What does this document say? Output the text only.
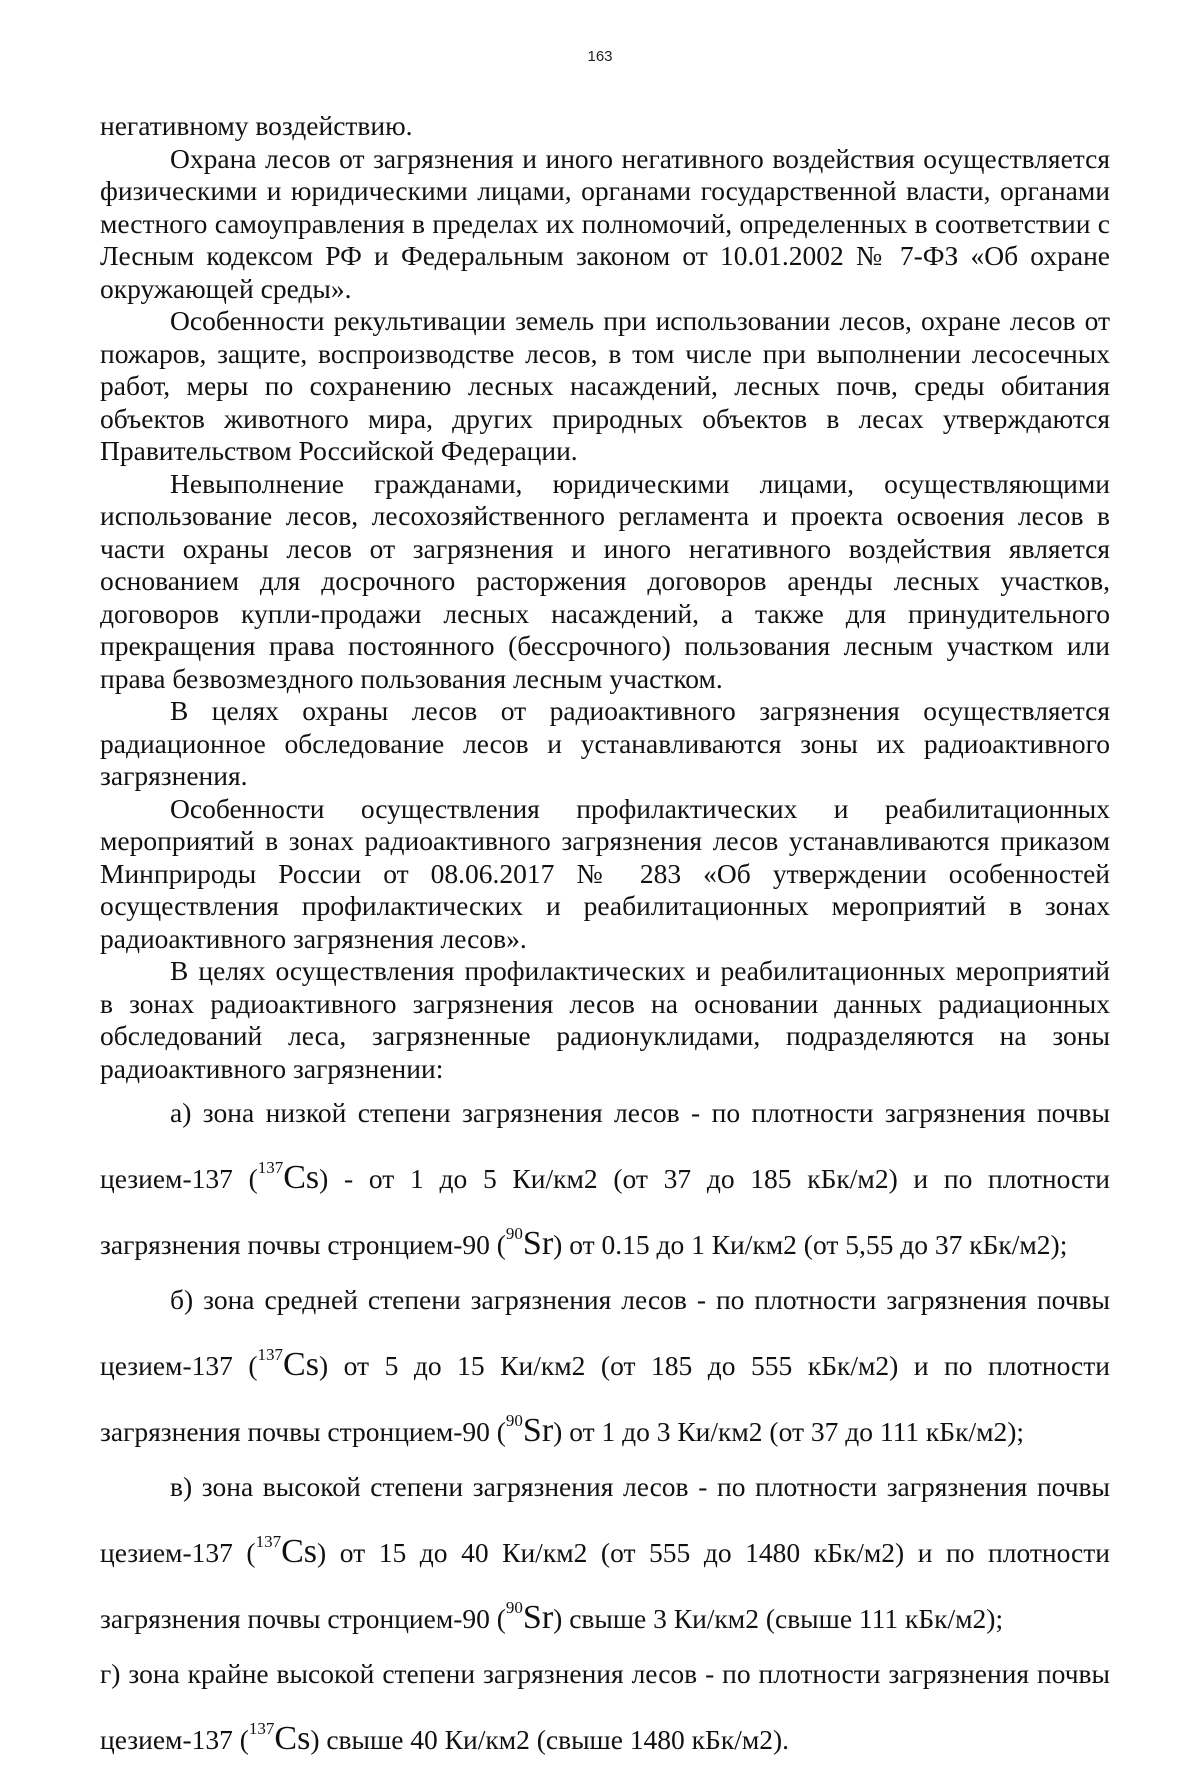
163

негативному воздействию.

Охрана лесов от загрязнения и иного негативного воздействия осуществляется физическими и юридическими лицами, органами государственной власти, органами местного самоуправления в пределах их полномочий, определенных в соответствии с Лесным кодексом РФ и Федеральным законом от 10.01.2002 № 7-ФЗ «Об охране окружающей среды».

Особенности рекультивации земель при использовании лесов, охране лесов от пожаров, защите, воспроизводстве лесов, в том числе при выполнении лесосечных работ, меры по сохранению лесных насаждений, лесных почв, среды обитания объектов животного мира, других природных объектов в лесах утверждаются Правительством Российской Федерации.

Невыполнение гражданами, юридическими лицами, осуществляющими использование лесов, лесохозяйственного регламента и проекта освоения лесов в части охраны лесов от загрязнения и иного негативного воздействия является основанием для досрочного расторжения договоров аренды лесных участков, договоров купли-продажи лесных насаждений, а также для принудительного прекращения права постоянного (бессрочного) пользования лесным участком или права безвозмездного пользования лесным участком.

В целях охраны лесов от радиоактивного загрязнения осуществляется радиационное обследование лесов и устанавливаются зоны их радиоактивного загрязнения.

Особенности осуществления профилактических и реабилитационных мероприятий в зонах радиоактивного загрязнения лесов устанавливаются приказом Минприроды России от 08.06.2017 № 283 «Об утверждении особенностей осуществления профилактических и реабилитационных мероприятий в зонах радиоактивного загрязнения лесов».

В целях осуществления профилактических и реабилитационных мероприятий в зонах радиоактивного загрязнения лесов на основании данных радиационных обследований леса, загрязненные радионуклидами, подразделяются на зоны радиоактивного загрязнении:

а) зона низкой степени загрязнения лесов - по плотности загрязнения почвы цезием-137 ($^{137}$Cs) - от 1 до 5 Ки/км2 (от 37 до 185 кБк/м2) и по плотности загрязнения почвы стронцием-90 ($^{90}$Sr) от 0.15 до 1 Ки/км2 (от 5,55 до 37 кБк/м2);

б) зона средней степени загрязнения лесов - по плотности загрязнения почвы цезием-137 ($^{137}$Cs) от 5 до 15 Ки/км2 (от 185 до 555 кБк/м2) и по плотности загрязнения почвы стронцием-90 ($^{90}$Sr) от 1 до 3 Ки/км2 (от 37 до 111 кБк/м2);

в) зона высокой степени загрязнения лесов - по плотности загрязнения почвы цезием-137 ($^{137}$Cs) от 15 до 40 Ки/км2 (от 555 до 1480 кБк/м2) и по плотности загрязнения почвы стронцием-90 ($^{90}$Sr) свыше 3 Ки/км2 (свыше 111 кБк/м2);

г) зона крайне высокой степени загрязнения лесов - по плотности загрязнения почвы цезием-137 ($^{137}$Cs) свыше 40 Ки/км2 (свыше 1480 кБк/м2).
